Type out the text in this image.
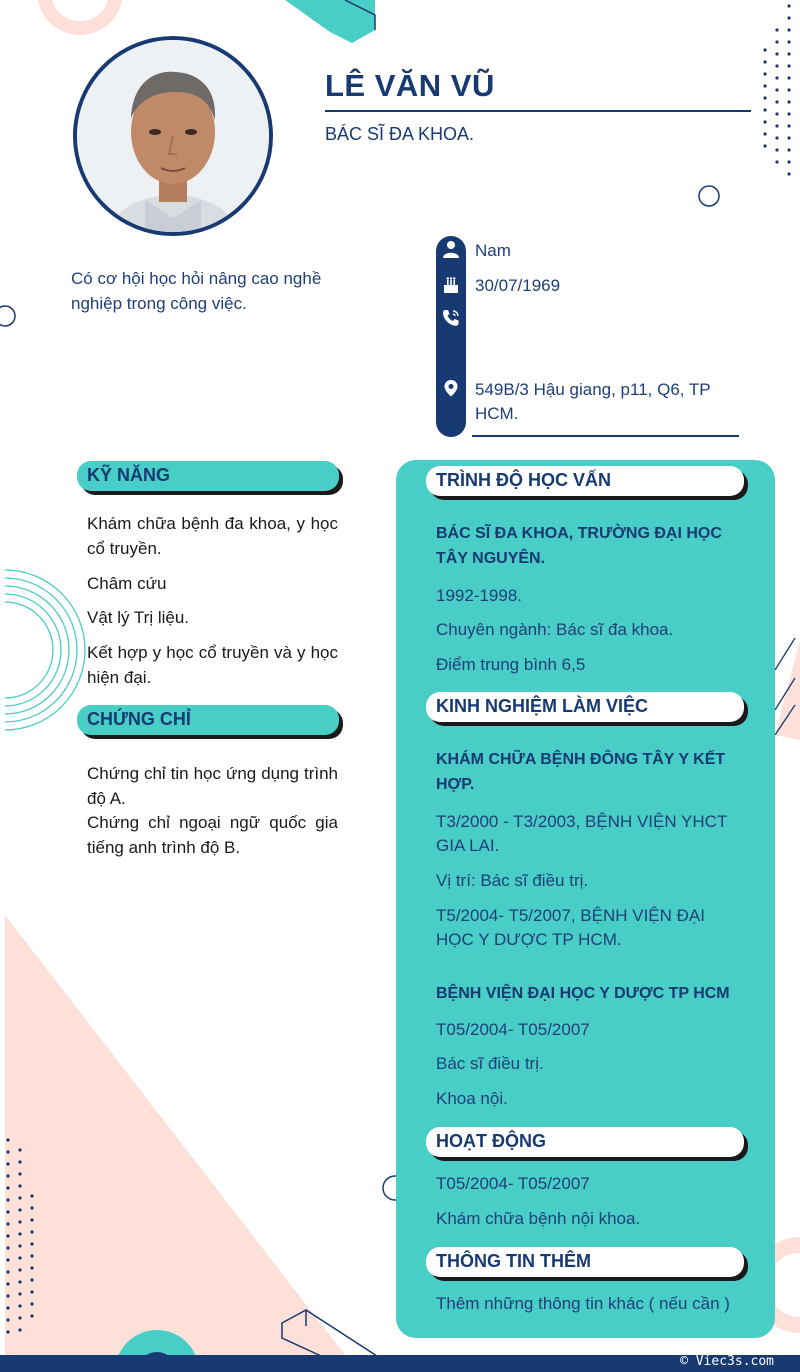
LÊ VĂN VŨ
BÁC SĨ ĐA KHOA.
Có cơ hội học hỏi nâng cao nghề nghiệp trong công việc.
Nam
30/07/1969
549B/3 Hậu giang, p11, Q6, TP HCM.
KỸ NĂNG
Khám chữa bệnh đa khoa, y học cổ truyền.
Châm cứu
Vật lý Trị liệu.
Kết hợp y học cổ truyền và y học hiện đại.
CHỨNG CHỈ
Chứng chỉ tin học ứng dụng trình độ A.
Chứng chỉ ngoại ngữ quốc gia tiếng anh trình độ B.
TRÌNH ĐỘ HỌC VẤN
BÁC SĨ ĐA KHOA, TRƯỜNG ĐẠI HỌC TÂY NGUYÊN.
1992-1998.
Chuyên ngành: Bác sĩ đa khoa.
Điểm trung bình 6,5
KINH NGHIỆM LÀM VIỆC
KHÁM CHỮA BỆNH ĐÔNG TÂY Y KẾT HỢP.
T3/2000 - T3/2003, BỆNH VIỆN YHCT GIA LAI.
Vị trí: Bác sĩ điều trị.
T5/2004- T5/2007, BỆNH VIỆN ĐẠI HỌC Y DƯỢC TP HCM.
BỆNH VIỆN ĐẠI HỌC Y DƯỢC TP HCM
T05/2004- T05/2007
Bác sĩ điều trị.
Khoa nội.
HOẠT ĐỘNG
T05/2004- T05/2007
Khám chữa bệnh nội khoa.
THÔNG TIN THÊM
Thêm những thông tin khác ( nếu cần )
© Viec3s.com
